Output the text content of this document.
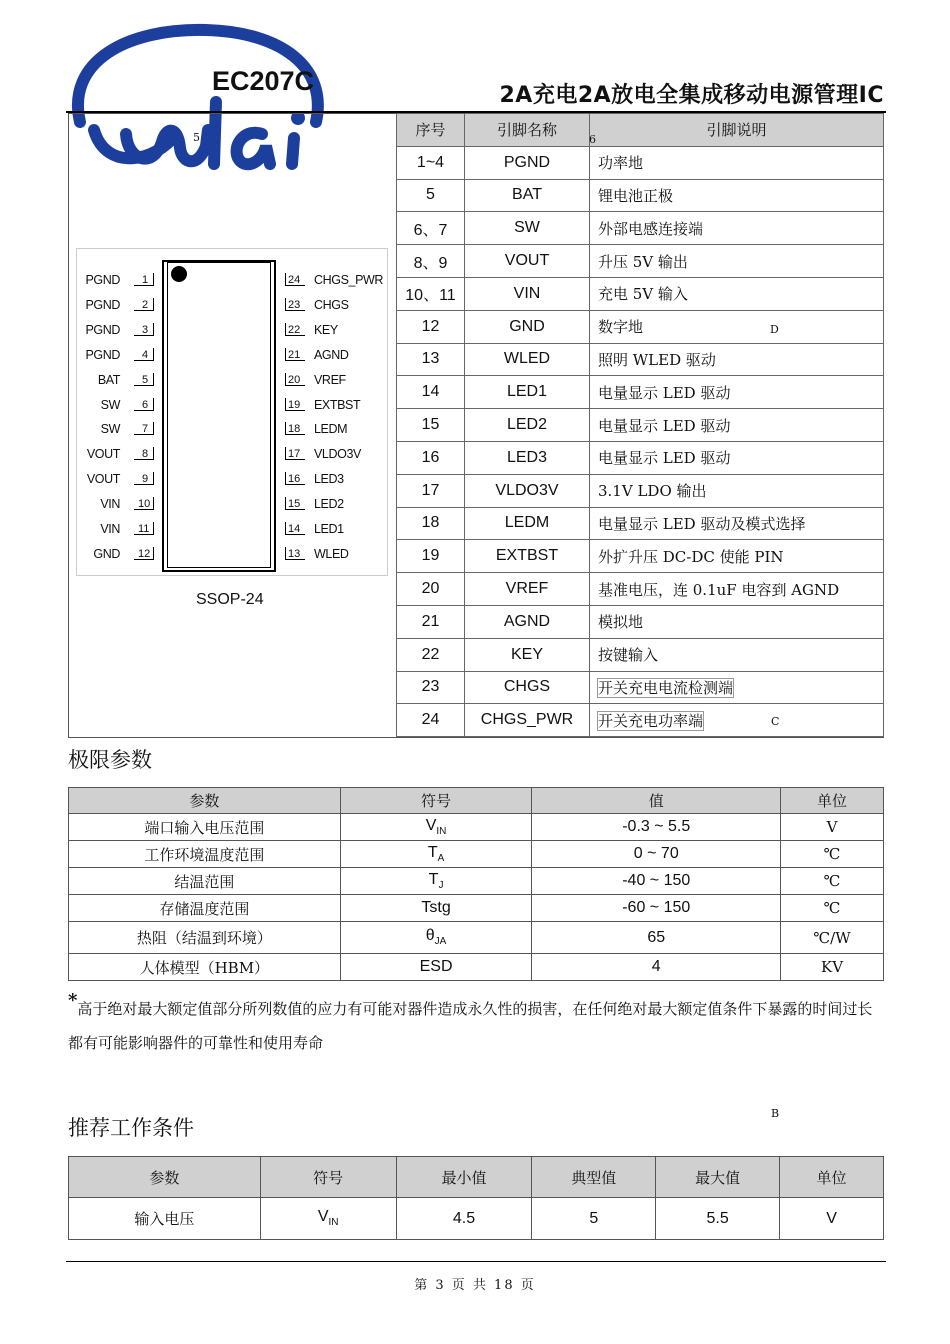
EC207C	2A充电2A放电全集成移动电源管理IC
5
PGND	1
PGND	2
PGND	3
PGND	4
BAT	5
SW	6
SW	7
VOUT	8
VOUT	9
VIN	10
VIN	11
GND	12
24	CHGS_PWR
23	CHGS
22	KEY
21	AGND
20	VREF
19	EXTBST
18	LEDM
17	VLDO3V
16	LED3
15	LED2
14	LED1
13	WLED
SSOP-24
序号	引脚名称	引脚说明
1~4	PGND	功率地
5	BAT	锂电池正极
6、7	SW	外部电感连接端
8、9	VOUT	升压 5V 输出
10、11	VIN	充电 5V 输入
12	GND	数字地
13	WLED	照明 WLED 驱动
14	LED1	电量显示 LED 驱动
15	LED2	电量显示 LED 驱动
16	LED3	电量显示 LED 驱动
17	VLDO3V	3.1V LDO 输出
18	LEDM	电量显示 LED 驱动及模式选择
19	EXTBST	外扩升压 DC-DC 使能 PIN
20	VREF	基准电压，连 0.1uF 电容到 AGND
21	AGND	模拟地
22	KEY	按键输入
23	CHGS	开关充电电流检测端
24	CHGS_PWR	开关充电功率端
6
D
C
极限参数
参数	符号	值	单位
端口输入电压范围	$V_{IN}$	-0.3 ~ 5.5	V
工作环境温度范围	$T_A$	0 ~ 70	℃
结温范围	$T_J$	-40 ~ 150	℃
存储温度范围	Tstg	-60 ~ 150	℃
热阻（结温到环境）	$\theta_{JA}$	65	℃/W
人体模型（HBM）	ESD	4	KV
*高于绝对最大额定值部分所列数值的应力有可能对器件造成永久性的损害，在任何绝对最大额定值条件下暴露的时间过长都有可能影响器件的可靠性和使用寿命
B
推荐工作条件
参数	符号	最小值	典型值	最大值	单位
输入电压	$V_{IN}$	4.5	5	5.5	V
第 3 页 共 18 页
